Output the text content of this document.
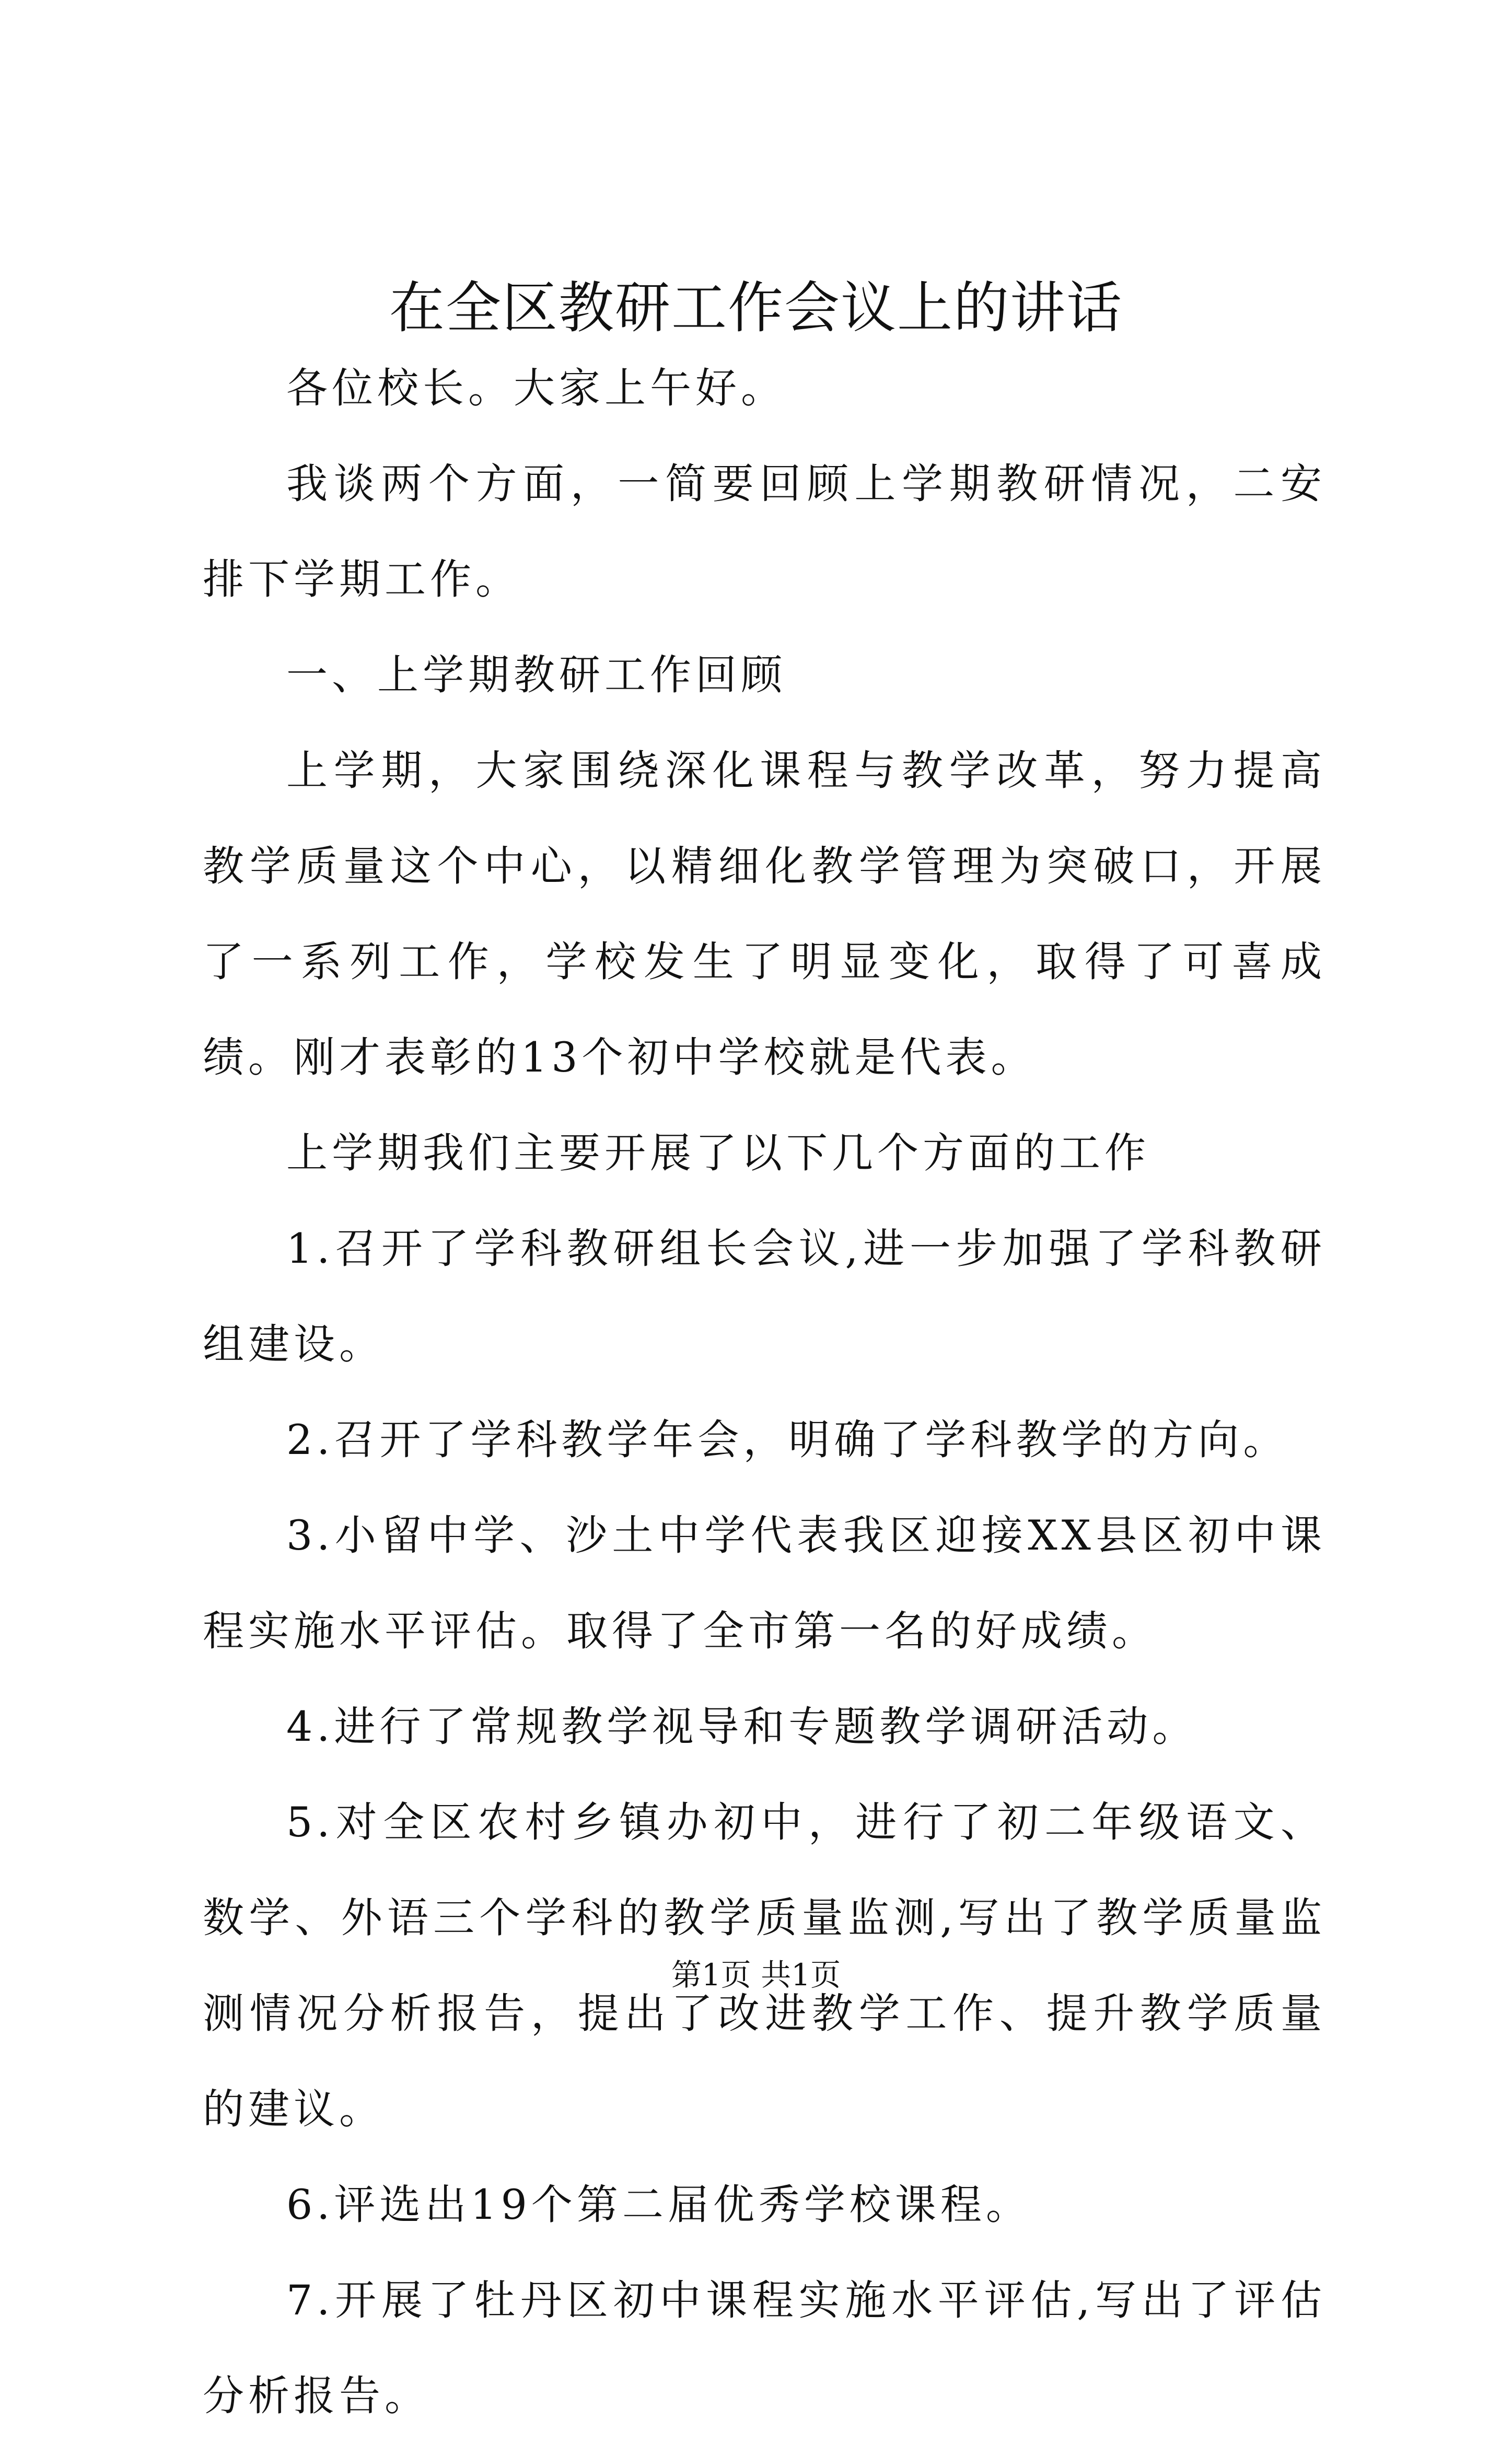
在全区教研工作会议上的讲话

各位校长。大家上午好。

我谈两个方面，一简要回顾上学期教研情况，二安排下学期工作。

一、上学期教研工作回顾

上学期，大家围绕深化课程与教学改革，努力提高教学质量这个中心，以精细化教学管理为突破口，开展了一系列工作，学校发生了明显变化，取得了可喜成绩。刚才表彰的13个初中学校就是代表。

上学期我们主要开展了以下几个方面的工作

1.召开了学科教研组长会议,进一步加强了学科教研组建设。

2.召开了学科教学年会，明确了学科教学的方向。

3.小留中学、沙土中学代表我区迎接XX县区初中课程实施水平评估。取得了全市第一名的好成绩。

4.进行了常规教学视导和专题教学调研活动。

5.对全区农村乡镇办初中，进行了初二年级语文、数学、外语三个学科的教学质量监测,写出了教学质量监测情况分析报告，提出了改进教学工作、提升教学质量的建议。

6.评选出19个第二届优秀学校课程。

7.开展了牡丹区初中课程实施水平评估,写出了评估分析报告。

第1页 共1页
